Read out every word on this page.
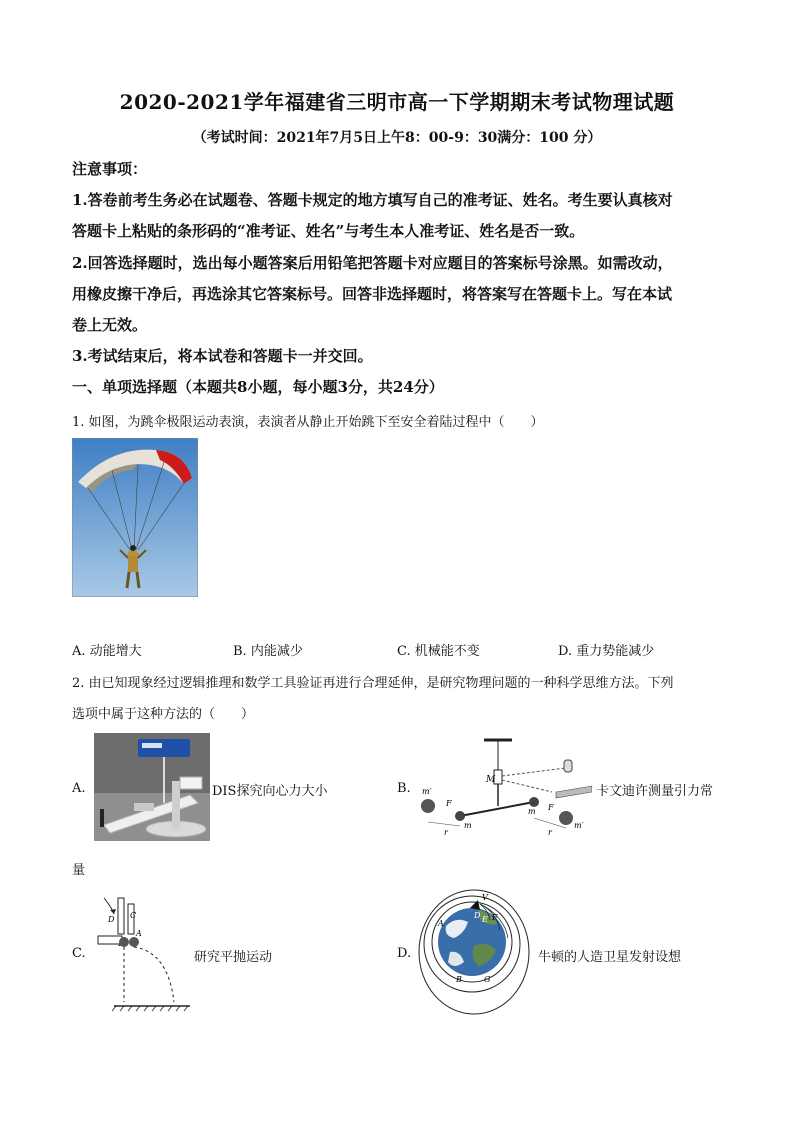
2020-2021学年福建省三明市高一下学期期末考试物理试题
（考试时间：2021年7月5日上午8：00-9：30满分：100 分）
注意事项：
1.答卷前考生务必在试题卷、答题卡规定的地方填写自己的准考证、姓名。考生要认真核对
答题卡上粘贴的条形码的“准考证、姓名”与考生本人准考证、姓名是否一致。
2.回答选择题时，选出每小题答案后用铅笔把答题卡对应题目的答案标号涂黑。如需改动，
用橡皮擦干净后，再选涂其它答案标号。回答非选择题时，将答案写在答题卡上。写在本试
卷上无效。
3.考试结束后，将本试卷和答题卡一并交回。
一、单项选择题（本题共8小题，每小题3分，共24分）
1. 如图，为跳伞极限运动表演，表演者从静止开始跳下至安全着陆过程中（　　）
A. 动能增大	B. 内能减少	C. 机械能不变	D. 重力势能减少
2. 由已知现象经过逻辑推理和数学工具验证再进行合理延伸，是研究物理问题的一种科学思维方法。下列
选项中属于这种方法的（　　）
A.	DIS探究向心力大小	B.
M
m′
F
m
r
m F
m′
r
卡文迪许测量引力常
量
C.
D C
A
研究平抛运动	D.
V
D E F
A
B	G
牛顿的人造卫星发射设想
